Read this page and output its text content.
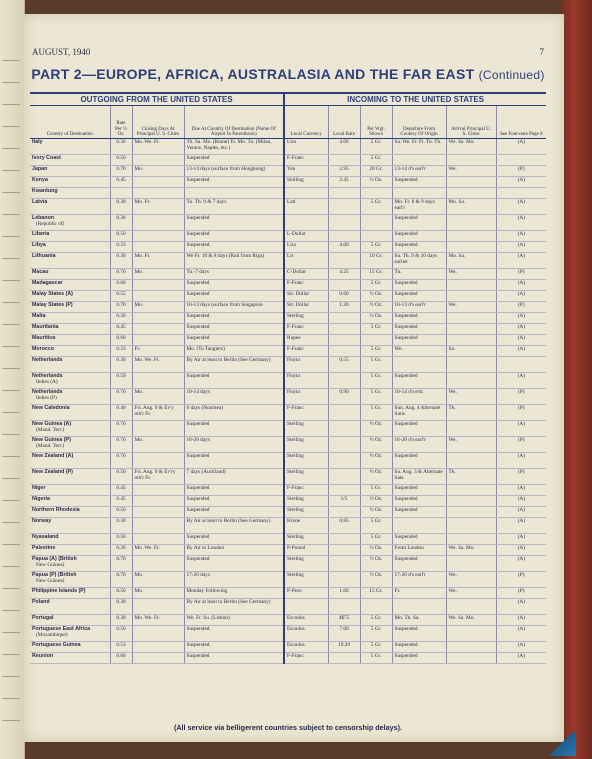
AUGUST, 1940	7
PART 2—EUROPE, AFRICA, AUSTRALASIA AND THE FAR EAST (Continued)
OUTGOING FROM THE UNITED STATES				INCOMING TO THE UNITED STATES					
Country of Destination	Rate Per ½ Oz.	Closing Days At Principal U. S. Cities	Due At Country Of Destination (Name Of Airport In Parenthesis)	Local Currency	Local Rate	Per Wgt. Shown	Departure From Country Of Origin	Arrival Principal U. S. Cities	See Foot-note Page 8
Italy	0.30	Mo. We. Fr.	Th. Sa. Mo. (Rome) Fr. Mo. Tu. (Milan, Venice, Naples, etc.)	Lira	4.00	5 Gr.	Sa. We. Fr. Fr. Tu. Th.	We. Sa. Mo.	(A)
Ivory Coast	0.50		Suspended	F-Franc		5 Gr.			
Japan	0.70	Mo.	13-14 days (surface from Hongkong)	Yen	2.95	20 Gr.	13-14 d's earl'r	We.	(P)
Kenya	0.45		Suspended	Shilling	2.45	½ Oz.	Suspended		(A)
Kwantung									
Latvia	0.30	Mo. Fr.	Tu. Th. 9 & 7 days	Lati		5 Gr.	Mo. Fr. 8 & 9 days earl'r	Mo. Sa.	(A)
Lebanon
(Republic of)	0.36		Suspended				Suspended		(A)
Liberia	0.50		Suspended	L-Dollar			Suspended		(A)
Libya	0.33		Suspended	Lira	4.00	5 Gr.	Suspended		(A)
Lithuania	0.30	Mo. Fr.	We Fr. 10 & 8 days (Rail from Riga)	Lit		10 Gr.	Su. Th. 9 & 10 days earlier	Mo. Sa.	(A)
Macau	0.70	Mo.	Tu.-7 days	C-Dollar	4.25	15 Gr.	Tu.	We.	(P)
Madagascar	0.60		Suspended	F-Franc		5 Gr.	Suspended		(A)
Malay States (A)	0.55		Suspended	Str. Dollar	0.60	½ Oz.	Suspended		(A)
Malay States (P)	0.70	Mo.	10-13 days (surface from Singapore	Str. Dollar	1.20	½ Oz.	10-13 d's earl'r	We.	(P)
Malta	0.30		Suspended	Sterling		½ Oz.	Suspended		(A)
Mauritania	0.45		Suspended	F-Franc		5 Gr.	Suspended		(A)
Mauritius	0.60		Suspended	Rupee			Suspended		(A)
Morocco	0.33	Fr.	Mo. (To Tangiers)	F-Franc		5 Gr.	We.	Sa.	(A)
Netherlands	0.30	Mo. We. Fr.	By Air at least to Berlin (See Germany)	Florin	0.55	5 Gr.			
Netherlands
Indies (A)	0.59		Suspended	Florin		5 Gr.	Suspended		(A)
Netherlands
Indies (P)	0.70	Mo.	10-14 days	Florin	0.90	5 Gr.	10-14 d's erlr.	We.	(P)
New Caledonia	0.40	Fri. Aug. 9 & Ev'y oth'r Fr.	6 days (Noumea)	F-Franc		5 Gr.	Sun. Aug. 4 Alternate Suns	Th.	(P)
New Guinea (A)
(Mand. Terr.)	0.70		Suspended	Sterling		½ Oz.	Suspended		(A)
New Guinea (P)
(Mand. Terr.)	0.70	Mo.	16-20 days	Sterling		½ Oz.	16-20 d's earl'r	We.	(P)
New Zealand (A)	0.70		Suspended	Sterling		½ Oz.	Suspended		(A)
New Zealand (P)	0.50	Fri. Aug. 9 & Ev'ry oth'r Fr.	7 days (Auckland)	Sterling		½ Oz.	Sa. Aug. 3 & Alternate Sats.	Th.	(P)
Niger	0.45		Suspended	F-Franc		5 Gr.	Suspended		(A)
Nigeria	0.45		Suspended	Sterling	1/5	½ Oz.	Suspended		(A)
Northern Rhodesia	0.50		Suspended	Sterling		½ Oz.	Suspended		(A)
Norway	0.30		By Air at least to Berlin (See Germany)	Krone	0.85	5 Gr.			(A)
Nyasaland	0.50		Suspended	Sterling		5 Gr.	Suspended		(A)
Palestine	0.36	Mo. We. Fr.	By Air to London	P-Pound		½ Oz.	From London	We. Sa. Mo.	(A)
Papua (A) (British
New Guinea)	0.70		Suspended	Sterling		½ Oz.	Suspended		(A)
Papua (P) (British
New Guinea)	0.70	Mo.	17-20 days	Sterling		½ Oz.	17-20 d's earl'r	We.	(P)
Philippine Islands (P)	0.50	Mo.	Monday Following	P-Peso	1.00	15 Gr.	Fr.	We.	(P)
Poland	0.30		By Air at least to Berlin (See Germany)						(A)
Portugal	0.30	Mo. We. Fr.	We. Fr. Su. (Lisbon)	Escudos	4$75	5 Gr.	Mo. Th. Sa.	We. Sa. Mo.	(A)
Portuguese East Africa
(Mozambique)	0.50		Suspended	Escudos	7.00	5 Gr.	Suspended		(A)
Portuguese Guinea	0.53		Suspended	Escudos	19.20	5 Gr.	Suspended		(A)
Reunion	0.60		Suspended	F-Franc		5 Gr.	Suspended		(A)
(All service via belligerent countries subject to censorship delays).
